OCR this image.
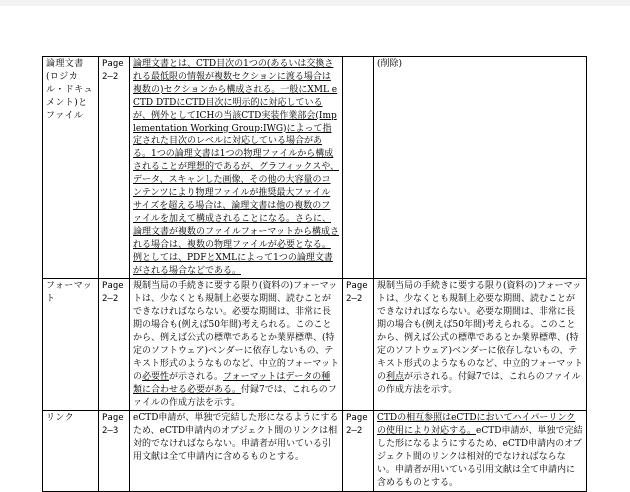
論理文書(ロジカル・ドキュメント)とファイル	Page 2—2	論理文書とは、CTD目次の1つの(あるいは交換される最低限の情報が複数セクションに渡る場合は複数の)セクションから構成される。一般にXML eCTD DTDにCTD目次に明示的に対応しているが、例外としてICHの当該CTD実装作業部会(Implementation Working Group:IWG)によって指定された目次のレベルに対応している場合がある。1つの論理文書は1つの物理ファイルから構成されることが理想的であるが、グラフィックスや、データ、スキャンした画像、その他の大容量のコンテンツにより物理ファイルが推奨最大ファイルサイズを超える場合は、論理文書は他の複数のファイルを加えて構成されることになる。さらに、論理文書が複数のファイルフォーマットから構成される場合は、複数の物理ファイルが必要となる。例としては、PDFとXMLによって1つの論理文書がされる場合などである。		(削除)
フォーマット	Page 2—2	規制当局の手続きに要する限り(資料の)フォーマットは、少なくとも規制上必要な期間、読むことができなければならない。必要な期間は、非常に長期の場合も(例えば50年間)考えられる。このことから、例えば公式の標準であるとか業界標準、(特定のソフトウェア)ベンダーに依存しないもの、テキスト形式のようなものなど、中立的フォーマットの必要性が示される。フォーマットはデータの種類に合わせる必要がある。付録7では、これらのファイルの作成方法を示す。	Page 2—2	規制当局の手続きに要する限り(資料の)フォーマットは、少なくとも規制上必要な期間、読むことができなければならない。必要な期間は、非常に長期の場合も(例えば50年間)考えられる。このことから、例えば公式の標準であるとか業界標準、(特定のソフトウェア)ベンダーに依存しないもの、テキスト形式のようなものなど、中立的フォーマットの利点が示される。付録7では、これらのファイルの作成方法を示す。
リンク	Page 2—3	eCTD申請が、単独で完結した形になるようにするため、eCTD申請内のオブジェクト間のリンクは相対的でなければならない。申請者が用いている引用文献は全て申請内に含めるものとする。	Page 2—2	CTDの相互参照はeCTDにおいてハイパーリンクの使用により対応する。eCTD申請が、単独で完結した形になるようにするため、eCTD申請内のオブジェクト間のリンクは相対的でなければならない。申請者が用いている引用文献は全て申請内に含めるものとする。
